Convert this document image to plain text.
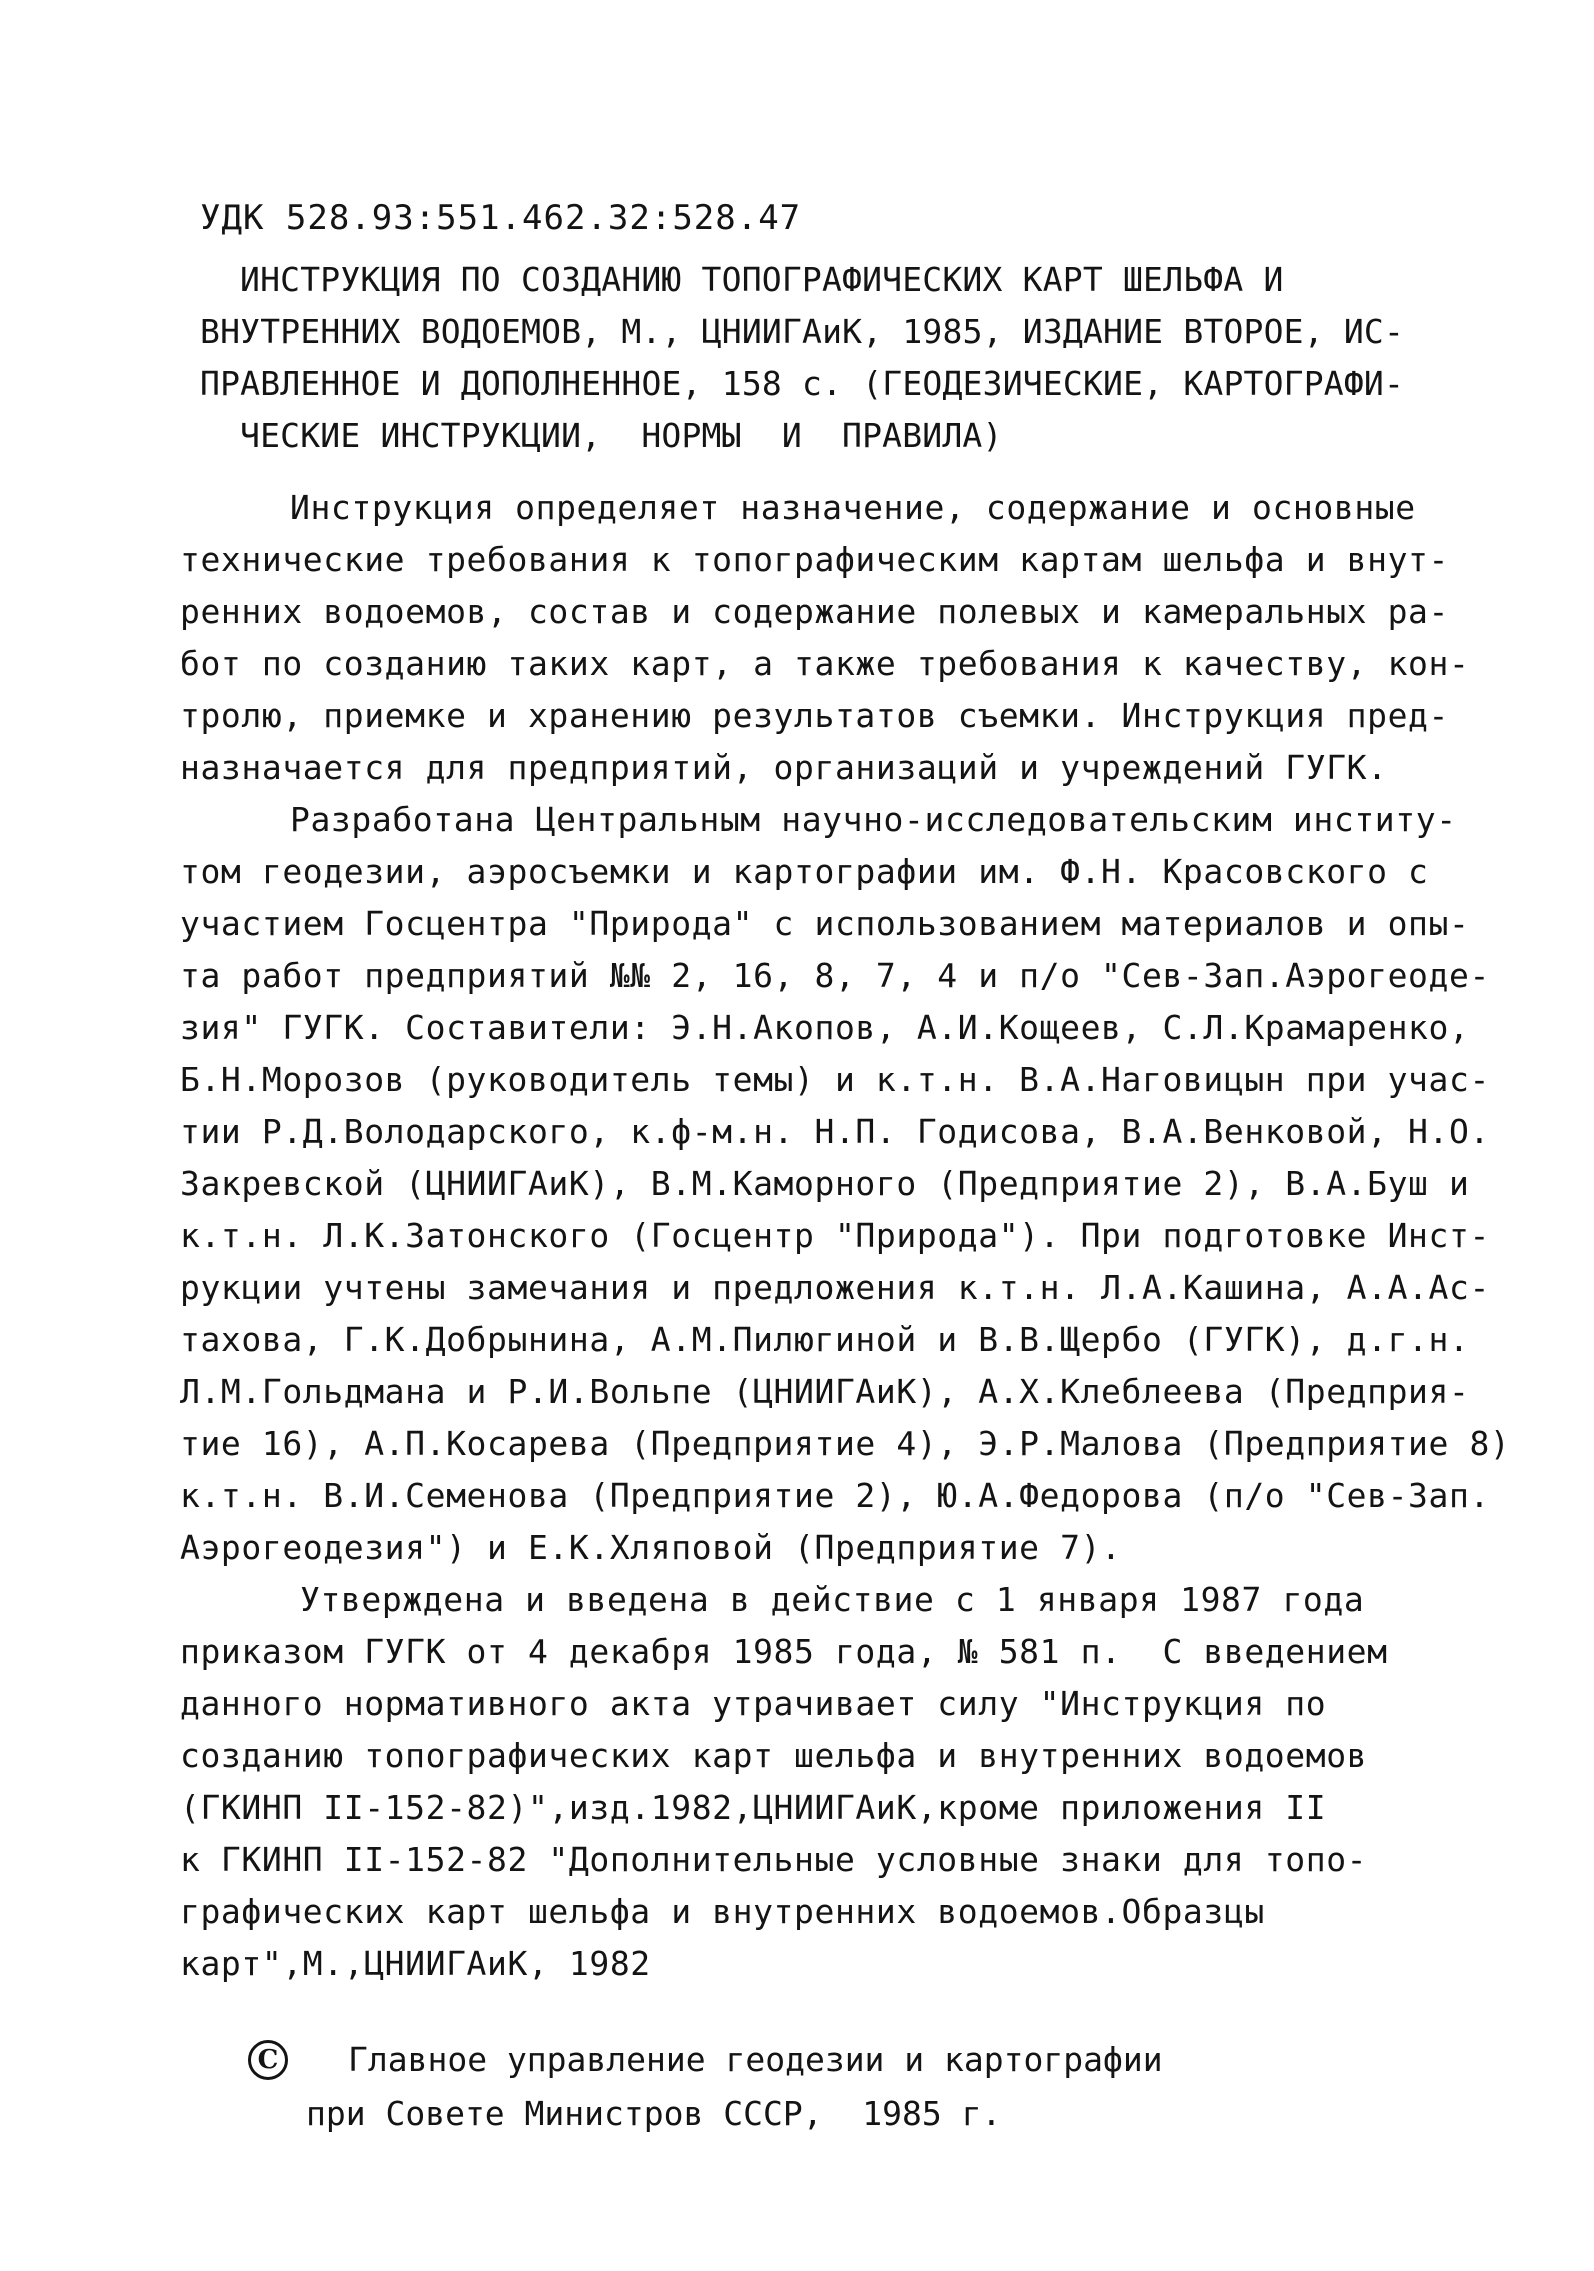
УДК 528.93:551.462.32:528.47
ИНСТРУКЦИЯ ПО СОЗДАНИЮ ТОПОГРАФИЧЕСКИХ КАРТ ШЕЛЬФА И
ВНУТРЕННИХ ВОДОЕМОВ, М., ЦНИИГАиК, 1985, ИЗДАНИЕ ВТОРОЕ, ИС-
ПРАВЛЕННОЕ И ДОПОЛНЕННОЕ, 158 с. (ГЕОДЕЗИЧЕСКИЕ, КАРТОГРАФИ-
ЧЕСКИЕ ИНСТРУКЦИИ,  НОРМЫ  И  ПРАВИЛА)
Инструкция определяет назначение, содержание и основные
технические требования к топографическим картам шельфа и внут-
ренних водоемов, состав и содержание полевых и камеральных ра-
бот по созданию таких карт, а также требования к качеству, кон-
тролю, приемке и хранению результатов съемки. Инструкция пред-
назначается для предприятий, организаций и учреждений ГУГК.
Разработана Центральным научно-исследовательским институ-
том геодезии, аэросъемки и картографии им. Ф.Н. Красовского с
участием Госцентра "Природа" с использованием материалов и опы-
та работ предприятий №№ 2, 16, 8, 7, 4 и п/о "Сев-Зап.Аэрогеоде-
зия" ГУГК. Составители: Э.Н.Акопов, А.И.Кощеев, С.Л.Крамаренко,
Б.Н.Морозов (руководитель темы) и к.т.н. В.А.Наговицын при учас-
тии Р.Д.Володарского, к.ф-м.н. Н.П. Годисова, В.А.Венковой, Н.О.
Закревской (ЦНИИГАиК), В.М.Каморного (Предприятие 2), В.А.Буш и
к.т.н. Л.К.Затонского (Госцентр "Природа"). При подготовке Инст-
рукции учтены замечания и предложения к.т.н. Л.А.Кашина, А.А.Ас-
тахова, Г.К.Добрынина, А.М.Пилюгиной и В.В.Щербо (ГУГК), д.г.н.
Л.М.Гольдмана и Р.И.Вольпе (ЦНИИГАиК), А.Х.Клеблеева (Предприя-
тие 16), А.П.Косарева (Предприятие 4), Э.Р.Малова (Предприятие 8)
к.т.н. В.И.Семенова (Предприятие 2), Ю.А.Федорова (п/о "Сев-Зап.
Аэрогеодезия") и Е.К.Хляповой (Предприятие 7).
Утверждена и введена в действие с 1 января 1987 года
приказом ГУГК от 4 декабря 1985 года, № 581 п.  С введением
данного нормативного акта утрачивает силу "Инструкция по
созданию топографических карт шельфа и внутренних водоемов
(ГКИНП II-152-82)",изд.1982,ЦНИИГАиК,кроме приложения II
к ГКИНП II-152-82 "Дополнительные условные знаки для топо-
графических карт шельфа и внутренних водоемов.Образцы
карт",М.,ЦНИИГАиК, 1982
C Главное управление геодезии и картографии
при Совете Министров СССР,  1985 г.
